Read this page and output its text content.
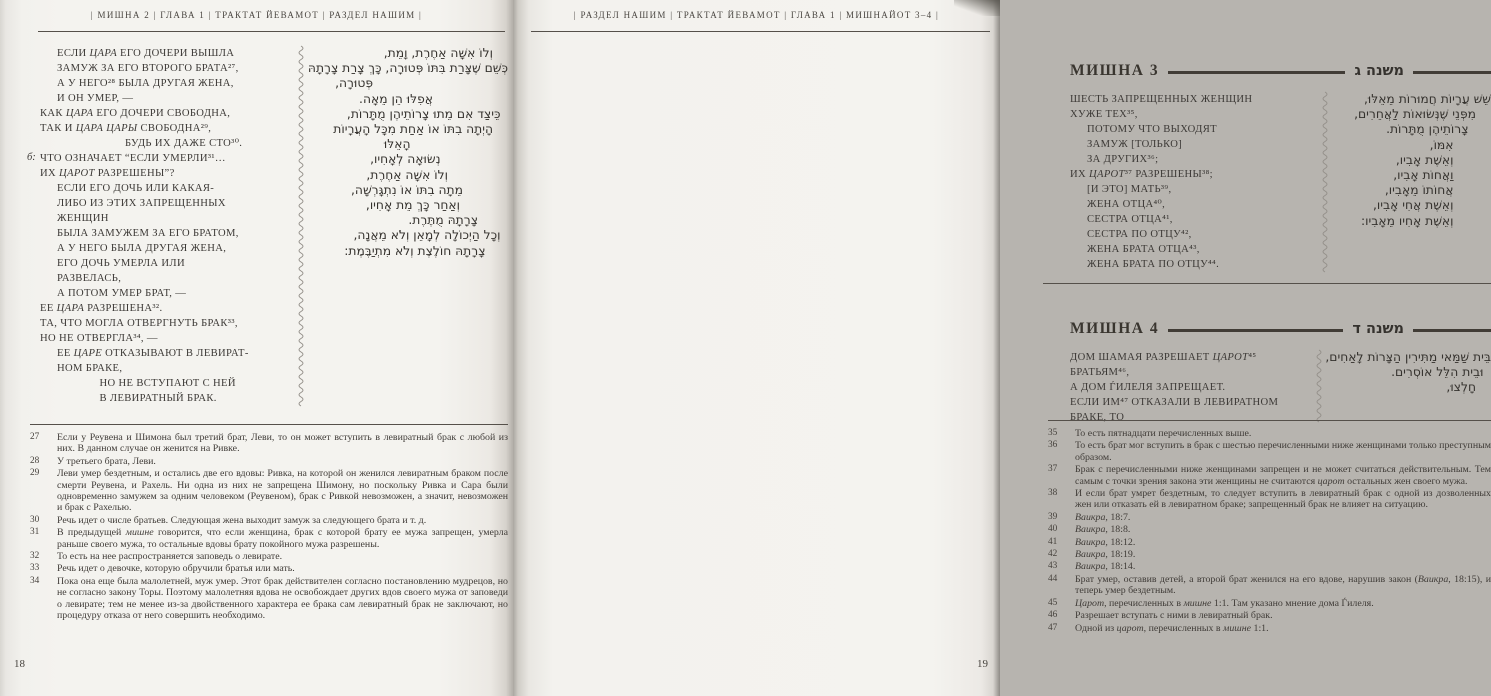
| МИШНА 2 | ГЛАВА 1 | ТРАКТАТ ЙЕВАМОТ | РАЗДЕЛ НАШИМ |
б:
ЕСЛИ ЦАРА ЕГО ДОЧЕРИ ВЫШЛА
ЗАМУЖ ЗА ЕГО ВТОРОГО БРАТА²⁷,
А У НЕГО²⁸ БЫЛА ДРУГАЯ ЖЕНА,
И ОН УМЕР, —
КАК ЦАРА ЕГО ДОЧЕРИ СВОБОДНА,
ТАК И ЦАРА ЦАРЫ СВОБОДНА²⁹,
БУДЬ ИХ ДАЖЕ СТО³⁰.
ЧТО ОЗНАЧАЕТ “ЕСЛИ УМЕРЛИ³¹…
ИХ ЦАРОТ РАЗРЕШЕНЫ”?
ЕСЛИ ЕГО ДОЧЬ ИЛИ КАКАЯ-
ЛИБО ИЗ ЭТИХ ЗАПРЕЩЕННЫХ
ЖЕНЩИН
БЫЛА ЗАМУЖЕМ ЗА ЕГО БРАТОМ,
А У НЕГО БЫЛА ДРУГАЯ ЖЕНА,
ЕГО ДОЧЬ УМЕРЛА ИЛИ
РАЗВЕЛАСЬ,
А ПОТОМ УМЕР БРАТ, —
ЕЕ ЦАРА РАЗРЕШЕНА³².
ТА, ЧТО МОГЛА ОТВЕРГНУТЬ БРАК³³,
НО НЕ ОТВЕРГЛА³⁴, —
ЕЕ ЦАРЕ ОТКАЗЫВАЮТ В ЛЕВИРАТ-
НОМ БРАКЕ,
НО НЕ ВСТУПАЮТ С НЕЙ
В ЛЕВИРАТНЫЙ БРАК.
וְלוֹ אִשָּׁה אַחֶרֶת, וָמֵת,
כְּשֵׁם שֶׁצָּרַת בִּתּוֹ פְּטוּרָה, כָּךְ צָרַת צָרָתָהּ
פְּטוּרָה,
אֲפִלּוּ הֵן מֵאָה.
כֵּיצַד אִם מֵתוּ צָרוֹתֵיהֶן מֻתָּרוֹת,
הָיְתָה בִתּוֹ אוֹ אַחַת מִכָּל הָעֲרָיוֹת
הָאֵלּוּ
נְשׂוּאָה לְאָחִיו,
וְלוֹ אִשָּׁה אַחֶרֶת,
מֵתָה בִתּוֹ אוֹ נִתְגָּרְשָׁה,
וְאַחַר כָּךְ מֵת אָחִיו,
צָרָתָהּ מֻתֶּרֶת.
וְכָל הַיְכוֹלָה לְמָאֵן וְלֹא מֵאֲנָה,
צָרָתָהּ חוֹלֶצֶת וְלֹא מִתְיַבֶּמֶת:
27	Если у Реувена и Шимона был третий брат, Леви, то он может вступить в левиратный брак с любой из них. В данном случае он женится на Ривке.
28	У третьего брата, Леви.
29	Леви умер бездетным, и остались две его вдовы: Ривка, на которой он женился левиратным браком после смерти Реувена, и Рахель. Ни одна из них не запрещена Шимону, но поскольку Ривка и Сара были одновременно замужем за одним человеком (Реувеном), брак с Ривкой невозможен, а значит, невозможен и брак с Рахелью.
30	Речь идет о числе братьев. Следующая жена выходит замуж за следующего брата и т. д.
31	В предыдущей мишне говорится, что если женщина, брак с которой брату ее мужа запрещен, умерла раньше своего мужа, то остальные вдовы брату покойного мужа разрешены.
32	То есть на нее распространяется заповедь о левирате.
33	Речь идет о девочке, которую обручили братья или мать.
34	Пока она еще была малолетней, муж умер. Этот брак действителен согласно постановлению мудрецов, но не согласно закону Торы. Поэтому малолетняя вдова не освобождает других вдов своего мужа от заповеди о левирате; тем не менее из-за двойственного характера ее брака сам левиратный брак не заключают, но процедуру отказа от него совершить необходимо.
18
| РАЗДЕЛ НАШИМ | ТРАКТАТ ЙЕВАМОТ | ГЛАВА 1 | МИШНАЙОТ 3–4 |
МИШНА 3	משנה ג
ШЕСТЬ ЗАПРЕЩЕННЫХ ЖЕНЩИН
ХУЖЕ ТЕХ³⁵,
ПОТОМУ ЧТО ВЫХОДЯТ
ЗАМУЖ [ТОЛЬКО]
ЗА ДРУГИХ³⁶;
ИХ ЦАРОТ³⁷ РАЗРЕШЕНЫ³⁸;
[И ЭТО] МАТЬ³⁹,
ЖЕНА ОТЦА⁴⁰,
СЕСТРА ОТЦА⁴¹,
СЕСТРА ПО ОТЦУ⁴²,
ЖЕНА БРАТА ОТЦА⁴³,
ЖЕНА БРАТА ПО ОТЦУ⁴⁴.
שֵׁשׁ עֲרָיוֹת חֲמוּרוֹת מֵאֵלּוּ,
מִפְּנֵי שֶׁנְּשׂוּאוֹת לַאֲחֵרִים,
צָרוֹתֵיהֶן מֻתָּרוֹת.
אִמּוֹ,
וְאֵשֶׁת אָבִיו,
וַאֲחוֹת אָבִיו,
אֲחוֹתוֹ מֵאָבִיו,
וְאֵשֶׁת אֲחִי אָבִיו,
וְאֵשֶׁת אָחִיו מֵאָבִיו:
МИШНА 4	משנה ד
ДОМ ШАМАЯ РАЗРЕШАЕТ ЦАРОТ⁴⁵
БРАТЬЯМ⁴⁶,
А ДОМ ЃИЛЕЛЯ ЗАПРЕЩАЕТ.
ЕСЛИ ИМ⁴⁷ ОТКАЗАЛИ В ЛЕВИРАТНОМ
БРАКЕ, ТО
בֵּית שַׁמַּאי מַתִּירִין הַצָּרוֹת לָאַחִים,
וּבֵית הִלֵּל אוֹסְרִים.
חָלְצוּ,
35	То есть пятнадцати перечисленных выше.
36	То есть брат мог вступить в брак с шестью перечисленными ниже женщинами только преступным образом.
37	Брак с перечисленными ниже женщинами запрещен и не может считаться действительным. Тем самым с точки зрения закона эти женщины не считаются царот остальных жен своего мужа.
38	И если брат умрет бездетным, то следует вступить в левиратный брак с одной из дозволенных жен или отказать ей в левиратном браке; запрещенный брак не влияет на ситуацию.
39	Ваикра, 18:7.
40	Ваикра, 18:8.
41	Ваикра, 18:12.
42	Ваикра, 18:19.
43	Ваикра, 18:14.
44	Брат умер, оставив детей, а второй брат женился на его вдове, нарушив закон (Ваикра, 18:15), и теперь умер бездетным.
45	Царот, перечисленных в мишне 1:1. Там указано мнение дома Ѓилеля.
46	Разрешает вступать с ними в левиратный брак.
47	Одной из царот, перечисленных в мишне 1:1.
19
